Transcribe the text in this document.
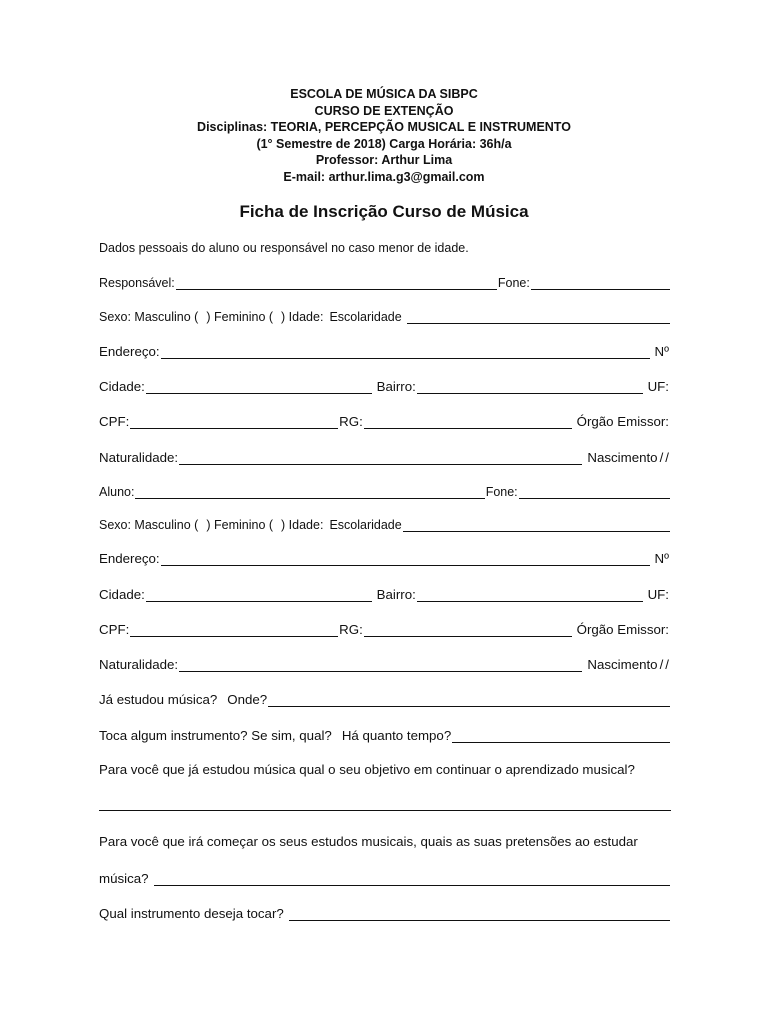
ESCOLA DE MÚSICA DA SIBPC
CURSO DE EXTENÇÃO
Disciplinas: TEORIA, PERCEPÇÃO MUSICAL E INSTRUMENTO
(1° Semestre de 2018) Carga Horária: 36h/a
Professor: Arthur Lima
E-mail: arthur.lima.g3@gmail.com
Ficha de Inscrição Curso de Música
Dados pessoais do aluno ou responsável no caso menor de idade.
Responsável:	Fone:
Sexo: Masculino ( ) Feminino ( ) Idade: Escolaridade
Endereço:	Nº
Cidade:	Bairro:	UF:
CPF:	RG:	Órgão Emissor:
Naturalidade:	Nascimento / /
Aluno:	Fone:
Sexo: Masculino ( ) Feminino ( ) Idade: Escolaridade
Endereço:	Nº
Cidade:	Bairro:	UF:
CPF:	RG:	Órgão Emissor:
Naturalidade:	Nascimento / /
Já estudou música? Onde?
Toca algum instrumento? Se sim, qual? Há quanto tempo?
Para você que já estudou música qual o seu objetivo em continuar o aprendizado musical?
Para você que irá começar os seus estudos musicais, quais as suas pretensões ao estudar
música?
Qual instrumento deseja tocar?
